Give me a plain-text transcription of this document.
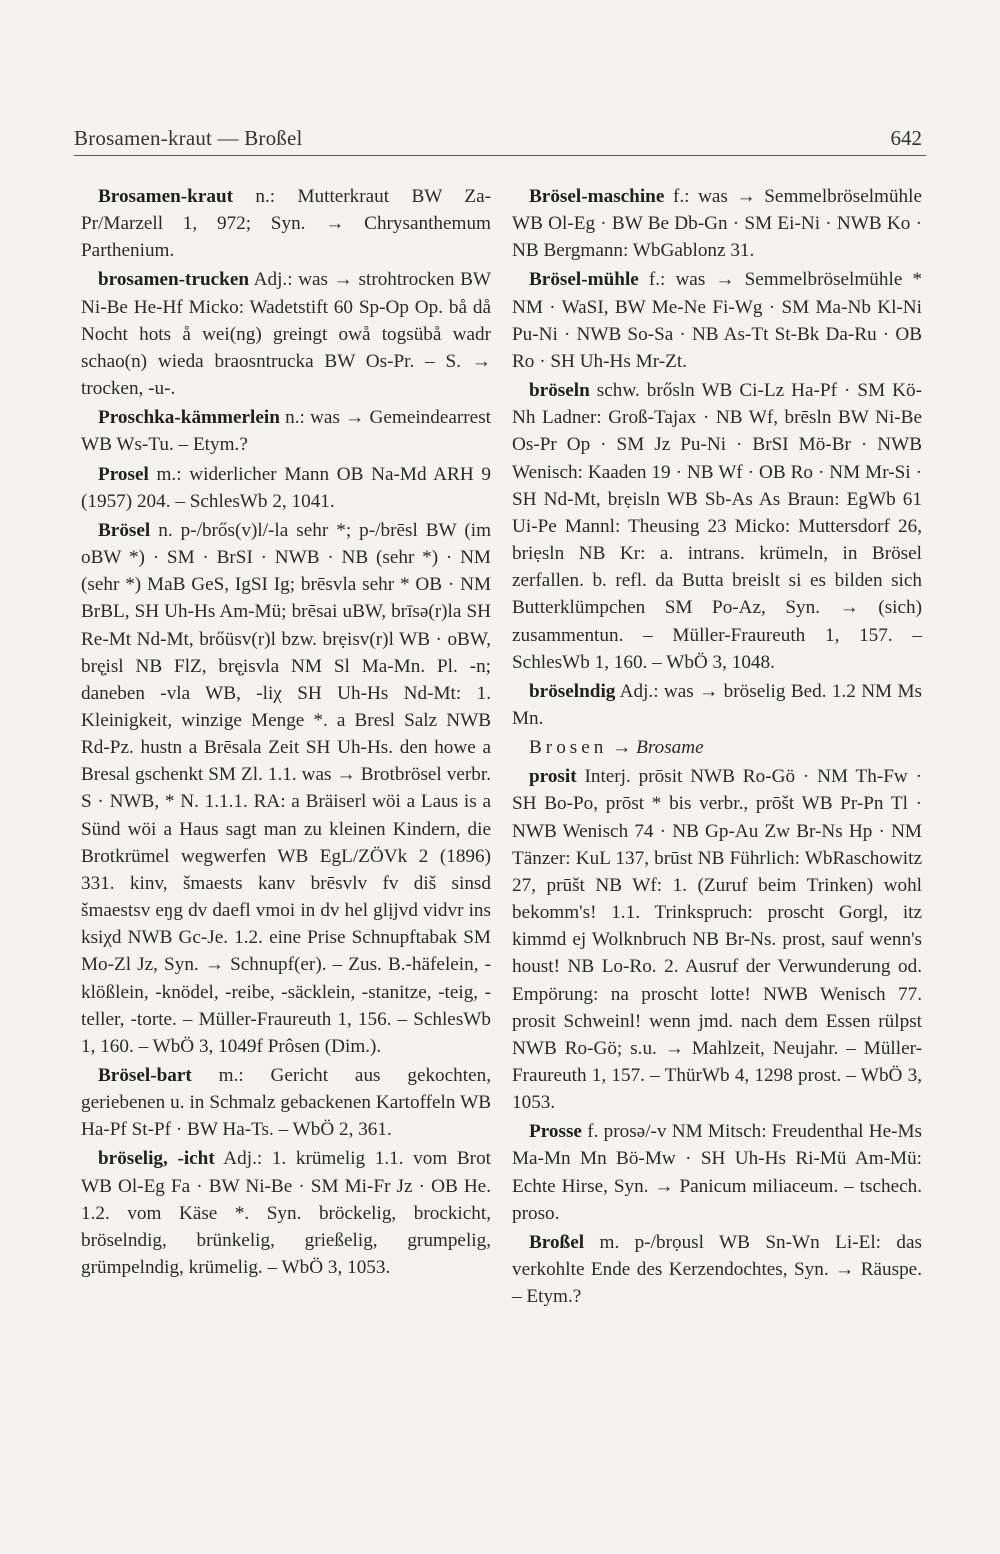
Brosamen-kraut — Broßel	642

Brosamen-kraut n.: Mutterkraut BW Za-Pr/Marzell 1, 972; Syn. → Chrysanthemum Parthenium.

brosamen-trucken Adj.: was → strohtrocken BW Ni-Be He-Hf Micko: Wadetstift 60 Sp-Op Op. bå då Nocht hots å wei(ng) greingt owå togsübå wadr schao(n) wieda braosntrucka BW Os-Pr. – S. → trocken, -u-.

Proschka-kämmerlein n.: was → Gemeindearrest WB Ws-Tu. – Etym.?

Prosel m.: widerlicher Mann OB Na-Md ARH 9 (1957) 204. – SchlesWb 2, 1041.

Brösel n. p-/brős(v)l/-la sehr *; p-/brēsl BW (im oBW *) · SM · BrSI · NWB · NB (sehr *) · NM (sehr *) MaB GeS, IgSI Ig; brēsvla sehr * OB · NM BrBL, SH Uh-Hs Am-Mü; brēsai uBW, brīsə(r)la SH Re-Mt Nd-Mt, brőüsv(r)l bzw. brẹisv(r)l WB · oBW, brę̣isl NB FlZ, brę̣isvla NM Sl Ma-Mn. Pl. -n; daneben -vla WB, -liχ SH Uh-Hs Nd-Mt: 1. Kleinigkeit, winzige Menge *. a Bresl Salz NWB Rd-Pz. hustn a Brēsala Zeit SH Uh-Hs. den howe a Bresal gschenkt SM Zl. 1.1. was → Brotbrösel verbr. S · NWB, * N. 1.1.1. RA: a Bräiserl wöi a Laus is a Sünd wöi a Haus sagt man zu kleinen Kindern, die Brotkrümel wegwerfen WB EgL/ZÖVk 2 (1896) 331. kinv, šmaests kanv brēsvlv fv diš sinsd šmaestsv eŋg dv daefl vmoi in dv hel glịjvd vidvr ins ksiχd NWB Gc-Je. 1.2. eine Prise Schnupftabak SM Mo-Zl Jz, Syn. → Schnupf(er). – Zus. B.-häfelein, -klößlein, -knödel, -reibe, -säcklein, -stanitze, -teig, -teller, -torte. – Müller-Fraureuth 1, 156. – SchlesWb 1, 160. – WbÖ 3, 1049f Prôsen (Dim.).

Brösel-bart m.: Gericht aus gekochten, geriebenen u. in Schmalz gebackenen Kartoffeln WB Ha-Pf St-Pf · BW Ha-Ts. – WbÖ 2, 361.

bröselig, -icht Adj.: 1. krümelig 1.1. vom Brot WB Ol-Eg Fa · BW Ni-Be · SM Mi-Fr Jz · OB He. 1.2. vom Käse *. Syn. bröckelig, brockicht, bröselndig, brünkelig, grießelig, grumpelig, grümpelndig, krümelig. – WbÖ 3, 1053.

Brösel-maschine f.: was → Semmelbröselmühle WB Ol-Eg · BW Be Db-Gn · SM Ei-Ni · NWB Ko · NB Bergmann: WbGablonz 31.

Brösel-mühle f.: was → Semmelbröselmühle * NM · WaSI, BW Me-Ne Fi-Wg · SM Ma-Nb Kl-Ni Pu-Ni · NWB So-Sa · NB As-Tt St-Bk Da-Ru · OB Ro · SH Uh-Hs Mr-Zt.

bröseln schw. brősln WB Ci-Lz Ha-Pf · SM Kö-Nh Ladner: Groß-Tajax · NB Wf, brēsln BW Ni-Be Os-Pr Op · SM Jz Pu-Ni · BrSI Mö-Br · NWB Wenisch: Kaaden 19 · NB Wf · OB Ro · NM Mr-Si · SH Nd-Mt, brẹisln WB Sb-As As Braun: EgWb 61 Ui-Pe Mannl: Theusing 23 Micko: Muttersdorf 26, briẹsln NB Kr: a. intrans. krümeln, in Brösel zerfallen. b. refl. da Butta breislt si es bilden sich Butterklümpchen SM Po-Az, Syn. → (sich) zusammentun. – Müller-Fraureuth 1, 157. – SchlesWb 1, 160. – WbÖ 3, 1048.

bröselndig Adj.: was → bröselig Bed. 1.2 NM Ms Mn.

Brosen → Brosame

prosit Interj. prōsit NWB Ro-Gö · NM Th-Fw · SH Bo-Po, prōst * bis verbr., prōšt WB Pr-Pn Tl · NWB Wenisch 74 · NB Gp-Au Zw Br-Ns Hp · NM Tänzer: KuL 137, brūst NB Führlich: WbRaschowitz 27, prūšt NB Wf: 1. (Zuruf beim Trinken) wohl bekomm's! 1.1. Trinkspruch: proscht Gorgl, itz kimmd ej Wolknbruch NB Br-Ns. prost, sauf wenn's houst! NB Lo-Ro. 2. Ausruf der Verwunderung od. Empörung: na proscht lotte! NWB Wenisch 77. prosit Schweinl! wenn jmd. nach dem Essen rülpst NWB Ro-Gö; s.u. → Mahlzeit, Neujahr. – Müller-Fraureuth 1, 157. – ThürWb 4, 1298 prost. – WbÖ 3, 1053.

Prosse f. prosə/-v NM Mitsch: Freudenthal He-Ms Ma-Mn Mn Bö-Mw · SH Uh-Hs Ri-Mü Am-Mü: Echte Hirse, Syn. → Panicum miliaceum. – tschech. proso.

Broßel m. p-/brọusl WB Sn-Wn Li-El: das verkohlte Ende des Kerzendochtes, Syn. → Räuspe. – Etym.?
